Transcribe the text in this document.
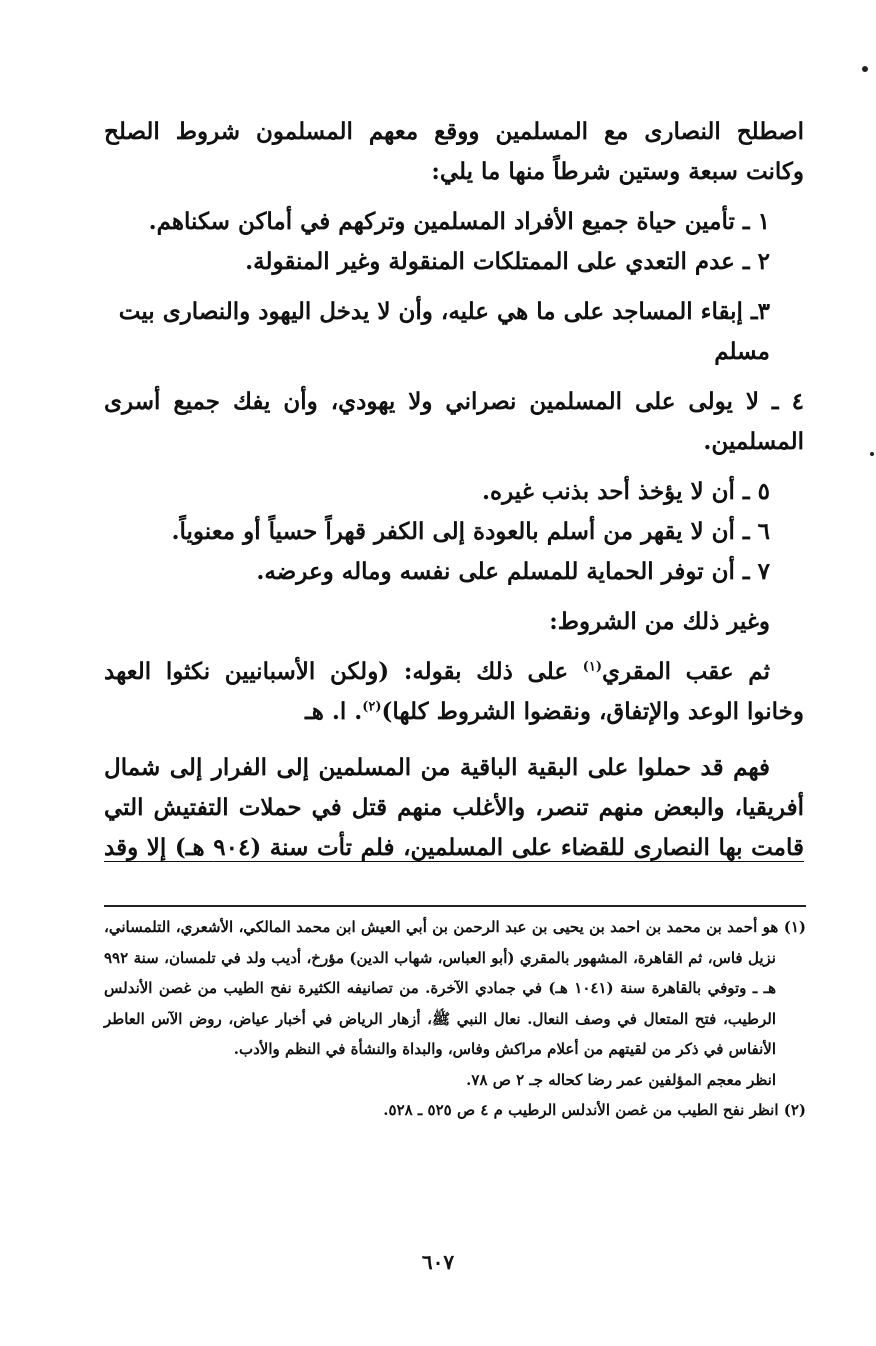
اصطلح النصارى مع المسلمين ووقع معهم المسلمون شروط الصلح وكانت سبعة وستين شرطاً منها ما يلي:

١ ـ تأمين حياة جميع الأفراد المسلمين وتركهم في أماكن سكناهم.

٢ ـ عدم التعدي على الممتلكات المنقولة وغير المنقولة.

٣ـ إبقاء المساجد على ما هي عليه، وأن لا يدخل اليهود والنصارى بيت مسلم

٤ ـ لا يولى على المسلمين نصراني ولا يهودي، وأن يفك جميع أسرى المسلمين.

٥ ـ أن لا يؤخذ أحد بذنب غيره.

٦ ـ أن لا يقهر من أسلم بالعودة إلى الكفر قهراً حسياً أو معنوياً.

٧ ـ أن توفر الحماية للمسلم على نفسه وماله وعرضه.

وغير ذلك من الشروط:

ثم عقب المقري$^{(١)}$ على ذلك بقوله: (ولكن الأسبانيين نكثوا العهد وخانوا الوعد والإتفاق، ونقضوا الشروط كلها)$^{(٢)}$. ا. هـ

فهم قد حملوا على البقية الباقية من المسلمين إلى الفرار إلى شمال أفريقيا، والبعض منهم تنصر، والأغلب منهم قتل في حملات التفتيش التي

قامت بها النصارى للقضاء على المسلمين، فلم تأت سنة (٩٠٤ هـ) إلا وقد

(١) هو أحمد بن محمد بن احمد بن يحيى بن عبد الرحمن بن أبي العيش ابن محمد المالكي، الأشعري، التلمساني، نزيل فاس، ثم القاهرة، المشهور بالمقري (أبو العباس، شهاب الدين) مؤرخ، أديب ولد في تلمسان، سنة ٩٩٢ هـ ـ وتوفي بالقاهرة سنة (١٠٤١ هـ) في جمادي الآخرة. من تصانيفه الكثيرة نفح الطيب من غصن الأندلس الرطيب، فتح المتعال في وصف النعال. نعال النبي ﷺ، أزهار الرياض في أخبار عياض، روض الآس العاطر الأنفاس في ذكر من لقيتهم من أعلام مراكش وفاس، والبداة والنشأة في النظم والأدب.

انظر معجم المؤلفين عمر رضا كحاله جـ ٢ ص ٧٨.

(٢) انظر نفح الطيب من غصن الأندلس الرطيب م ٤ ص ٥٢٥ ـ ٥٢٨.

٦٠٧
